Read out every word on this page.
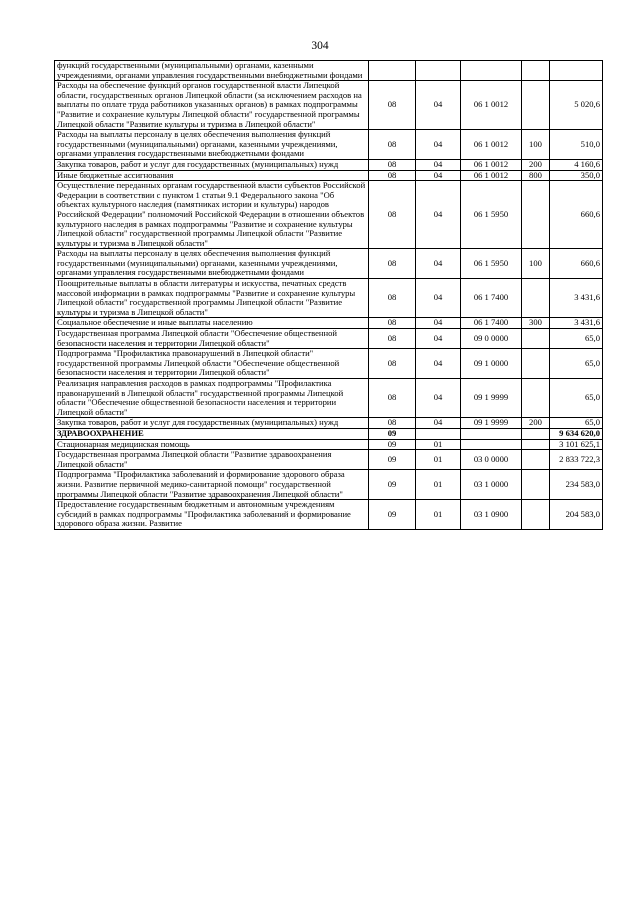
304
функций государственными (муниципальными) органами, казенными учреждениями, органами управления государственными внебюджетными фондами					
Расходы на обеспечение функций органов государственной власти Липецкой области, государственных органов Липецкой области (за исключением расходов на выплаты по оплате труда работников указанных органов) в рамках подпрограммы "Развитие и сохранение культуры Липецкой области" государственной программы Липецкой области "Развитие культуры и туризма в Липецкой области"	08	04	06 1 0012		5 020,6
Расходы на выплаты персоналу в целях обеспечения выполнения функций государственными (муниципальными) органами, казенными учреждениями, органами управления государственными внебюджетными фондами	08	04	06 1 0012	100	510,0
Закупка товаров, работ и услуг для государственных (муниципальных) нужд	08	04	06 1 0012	200	4 160,6
Иные бюджетные ассигнования	08	04	06 1 0012	800	350,0
Осуществление переданных органам государственной власти субъектов Российской Федерации в соответствии с пунктом 1 статьи 9.1 Федерального закона "Об объектах культурного наследия (памятниках истории и культуры) народов Российской Федерации" полномочий Российской Федерации в отношении объектов культурного наследия в рамках подпрограммы "Развитие и сохранение культуры Липецкой области" государственной программы Липецкой области "Развитие культуры и туризма в Липецкой области"	08	04	06 1 5950		660,6
Расходы на выплаты персоналу в целях обеспечения выполнения функций государственными (муниципальными) органами, казенными учреждениями, органами управления государственными внебюджетными фондами	08	04	06 1 5950	100	660,6
Поощрительные выплаты в области литературы и искусства, печатных средств массовой информации в рамках подпрограммы "Развитие и сохранение культуры Липецкой области" государственной программы Липецкой области "Развитие культуры и туризма в Липецкой области"	08	04	06 1 7400		3 431,6
Социальное обеспечение и иные выплаты населению	08	04	06 1 7400	300	3 431,6
Государственная программа Липецкой области "Обеспечение общественной безопасности населения и территории Липецкой области"	08	04	09 0 0000		65,0
Подпрограмма "Профилактика правонарушений в Липецкой области" государственной программы Липецкой области "Обеспечение общественной безопасности населения и территории Липецкой области"	08	04	09 1 0000		65,0
Реализация направления расходов в рамках подпрограммы "Профилактика правонарушений в Липецкой области" государственной программы Липецкой области "Обеспечение общественной безопасности населения и территории Липецкой области"	08	04	09 1 9999		65,0
Закупка товаров, работ и услуг для государственных (муниципальных) нужд	08	04	09 1 9999	200	65,0
ЗДРАВООХРАНЕНИЕ	09				9 634 620,0
Стационарная медицинская помощь	09	01			3 101 625,1
Государственная программа Липецкой области "Развитие здравоохранения Липецкой области"	09	01	03 0 0000		2 833 722,3
Подпрограмма "Профилактика заболеваний и формирование здорового образа жизни. Развитие первичной медико-санитарной помощи" государственной программы Липецкой области "Развитие здравоохранения Липецкой области"	09	01	03 1 0000		234 583,0
Предоставление государственным бюджетным и автономным учреждениям субсидий в рамках подпрограммы "Профилактика заболеваний и формирование здорового образа жизни. Развитие	09	01	03 1 0900		204 583,0
